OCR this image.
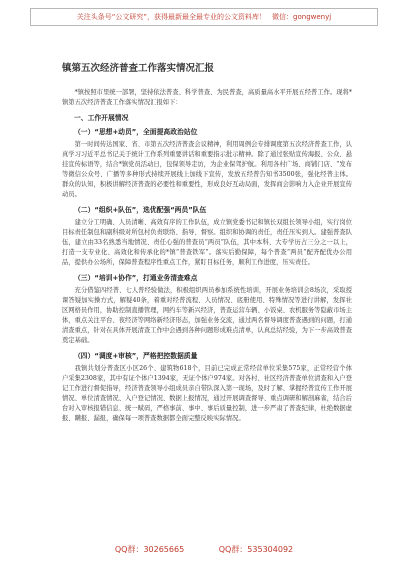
关注头条号“公文研究”，获得最新最全最专业的公文资料库！ 微信：gongwenyj
镇第五次经济普查工作落实情况汇报

*镇按照市里统一部署，坚持依法普查、科学普查、为民普查，高质量高水平开展五经普工作。现将*镇第五次经济普查工作落实情况汇报如下：

一、工作开展情况
（一）“思想+动员”，全面提高政治站位

第一时间传达国家、省、市第五次经济普查会议精神，利用周例会专排调度第五次经济普查工作，认真学习习近平总书记关于统计工作系列重要讲话和重要指示批示精神。除了通过张贴宣传海报、公众、悬挂宣传标语等，结合*镇党员活动日，包保领导走访，为企业保驾护航。利用各村广场、商铺门店、“发布等微信公众号、广播等多种形式持续开展线上加线下宣传，发放五经普告知书3500张，强化经普主体。群众的认知，积极讲解经济普查的必要性和重要性，形成良好互动局面，发挥商会影响力入企业开展宣传动员。

（二）“组织+队伍”，选优配强“两员”队伍

建立分工明确、人员清晰、高效有序的工作队伍，成立镇党委书记和镇长双组长领导小组，实行岗位目标责任制包和副科级对所包村负责联络、指导、督察。组织和协调的责任，责任压实到人。建强普查队伍，建立由33名熟悉当地情况、责任心强的普查员“两员”队伍，其中本科、大专学历占三分之一以上，打造一支专业化、高效化和传承化的*镇“普查铁军”。落实后勤保障，每个普查“两员”配齐配优办公用品，提供办公场所，保障普查程序性重点工作，紧盯目标任务，顺利工作进度，压实责任。

（三）“培训+协作”，打通业务清查难点

充分借鉴四经普、七人普经验做法，积极组织两员参加系统性培训，开展业务培训会8场次，采取授课答疑加实操方式，解疑40条，着重对经普流程、人员情况、底册使用、特殊情况等进行讲解，发挥社区网格员作用，协助控制直播管理，网约车等新兴经济，普查运营车辆、小饭桌、农机服务等隐蔽市场主体，重点关注平台、夜经济等网络新经济形态，加强业务交流，通过两名督导调度普查遇到的问题，打通清查重点，针对在具体开展清查工作中会遇到各种问题形成难点清单，认真总结经验，为下一步高效普查奠定基础。

（四）“调度+审核”，严格把控数据质量

我镇共划分普查区小区26个、建筑物618个，目前已完成正常经营单位采集575家，正常经营个体户采集2308家，其中有证个体户1394家，无证个体户974家。对各村、社区经济普查单位清查和入户登记工作进行督促指导，经济普查领导小组成员亲自带队深入第一现场，及时了解、掌握经普宣传工作开展情况、单位清查情况、入户登记情况、数据上报情况，通过开展调查督导、重点调研和解剖麻雀，结合后台对入审核报错信息、统一赋码，严格事前、事中、事后质量控制，进一步严肃了普查纪律，杜绝数据虚报、瞒报、漏报，确保每一项普查数据都全面完整反映实际情况。

QQ群：30265665	QQ群：535304092
